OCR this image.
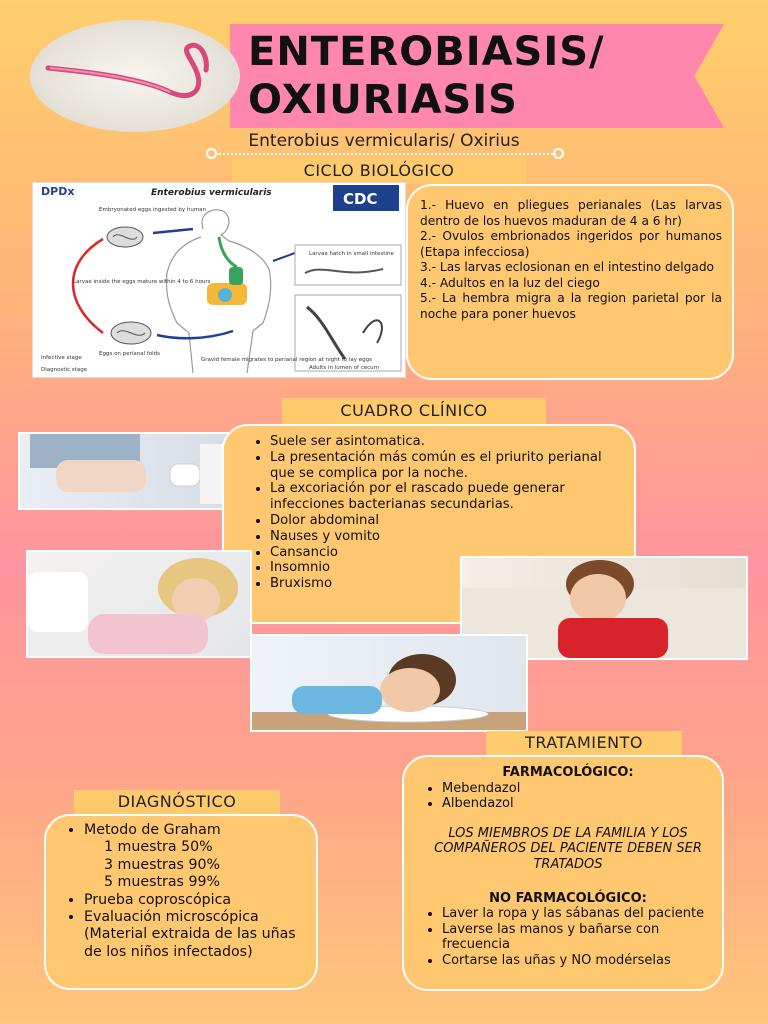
ENTEROBIASIS/
OXIURIASIS
Enterobius vermicularis/ Oxirius
CICLO BIOLÓGICO
DPDx	Enterobius vermicularis	CDC
Embryonated eggs ingested by human
Larvae inside the eggs mature within 4 to 6 hours
Eggs on perianal folds
Larvae hatch in small intestine
Adults in lumen of cecum
Gravid female migrates to perianal region at night to lay eggs
Infective stage
Diagnostic stage

1.- Huevo en pliegues perianales (Las larvas dentro de los huevos maduran de 4 a 6 hr)

2.- Ovulos embrionados ingeridos por humanos (Etapa infecciosa)

3.- Las larvas eclosionan en el intestino delgado

4.- Adultos en la luz del ciego

5.- La hembra migra a la region parietal por la noche para poner huevos

CUADRO CLÍNICO
• Suele ser asintomatica.
• La presentación más común es el priurito perianal que se complica por la noche.
• La excoriación por el rascado puede generar infecciones bacterianas secundarias.
• Dolor abdominal
• Nauses y vomito
• Cansancio
• Insomnio
• Bruxismo
TRATAMIENTO
FARMACOLÓGICO:
• Mebendazol
• Albendazol
LOS MIEMBROS DE LA FAMILIA Y LOS COMPAÑEROS DEL PACIENTE DEBEN SER TRATADOS
NO FARMACOLÓGICO:
• Laver la ropa y las sábanas del paciente
• Laverse las manos y bañarse con frecuencia
• Cortarse las uñas y NO modérselas
DIAGNÓSTICO
• Metodo de Graham
1 muestra 50%
3 muestras 90%
5 muestras 99%
• Prueba coproscópica
• Evaluación microscópica (Material extraida de las uñas de los niños infectados)
